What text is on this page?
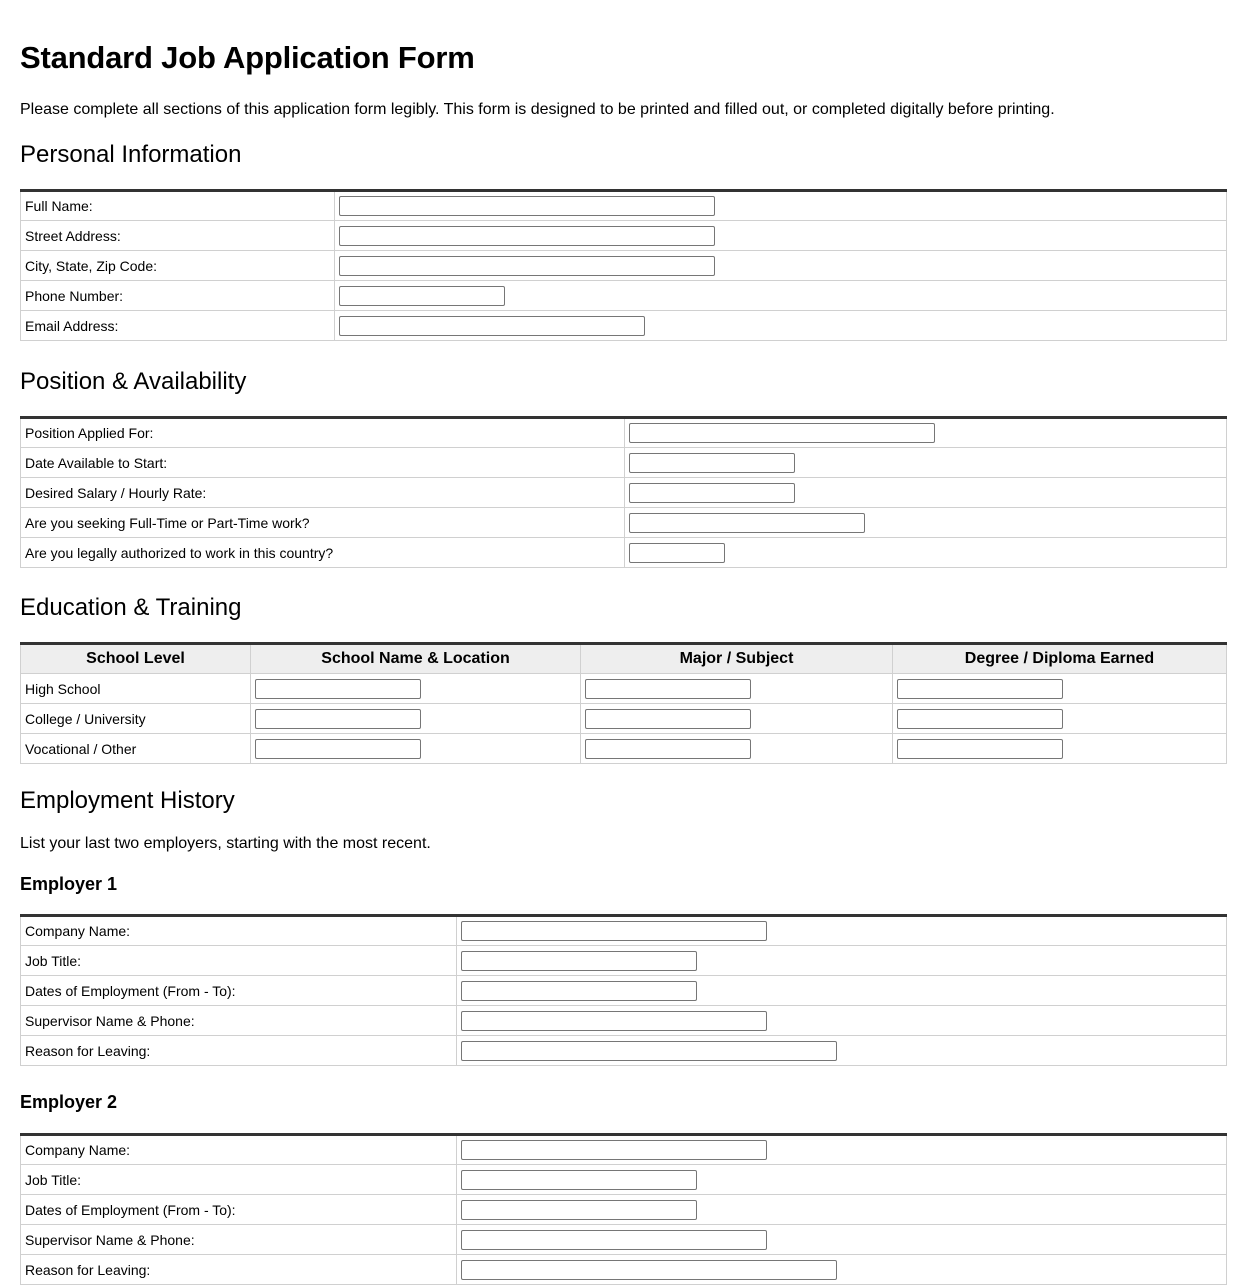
Standard Job Application Form

Please complete all sections of this application form legibly. This form is designed to be printed and filled out, or completed digitally before printing.

Personal Information
Full Name:	

Street Address:	

City, State, Zip Code:	

Phone Number:	

Email Address:	
Position & Availability
Position Applied For:	

Date Available to Start:	

Desired Salary / Hourly Rate:	

Are you seeking Full-Time or Part-Time work?	

Are you legally authorized to work in this country?	
Education & Training
School Level	School Name & Location	Major / Subject	Degree / Diploma Earned
High School	

College / University	

Vocational / Other	

Employment History

List your last two employers, starting with the most recent.

Employer 1
Company Name:	

Job Title:	

Dates of Employment (From - To):	

Supervisor Name & Phone:	

Reason for Leaving:	
Employer 2
Company Name:	

Job Title:	

Dates of Employment (From - To):	

Supervisor Name & Phone:	

Reason for Leaving:	
